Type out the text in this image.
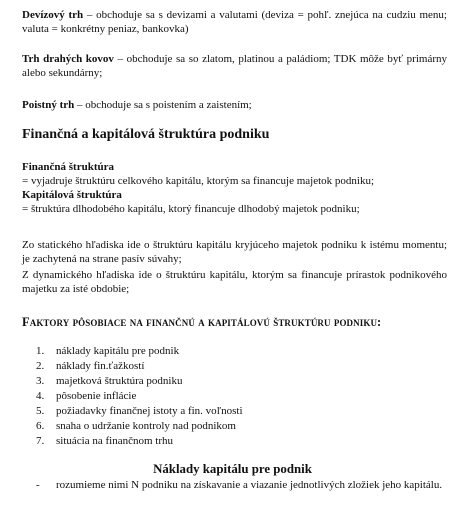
Devízový trh – obchoduje sa s devizami a valutami (deviza = pohľ. znejúca na cudziu menu; valuta = konkrétny peniaz, bankovka)

Trh drahých kovov – obchoduje sa so zlatom, platinou a paládiom; TDK môže byť primárny alebo sekundárny;

Poistný trh – obchoduje sa s poistením a zaistením;

Finančná a kapitálová štruktúra podniku
Finančná štruktúra
= vyjadruje štruktúru celkového kapitálu, ktorým sa financuje majetok podniku;
Kapitálová štruktúra
= štruktúra dlhodobého kapitálu, ktorý financuje dlhodobý majetok podniku;

Zo statického hľadiska ide o štruktúru kapitálu kryjúceho majetok podniku k istému momentu; je zachytená na strane pasív súvahy;

Z dynamického hľadiska ide o štruktúru kapitálu, ktorým sa financuje prírastok podnikového majetku za isté obdobie;

Faktory pôsobiace na finančnú a kapitálovú štruktúru podniku:
1. náklady kapitálu pre podnik
2. náklady fin.ťažkostí
3. majetková štruktúra podniku
4. pôsobenie inflácie
5. požiadavky finančnej istoty a fin. voľnosti
6. snaha o udržanie kontroly nad podnikom
7. situácia na finančnom trhu
Náklady kapitálu pre podnik
- rozumieme nimi N podniku na získavanie a viazanie jednotlivých zložiek jeho kapitálu.
